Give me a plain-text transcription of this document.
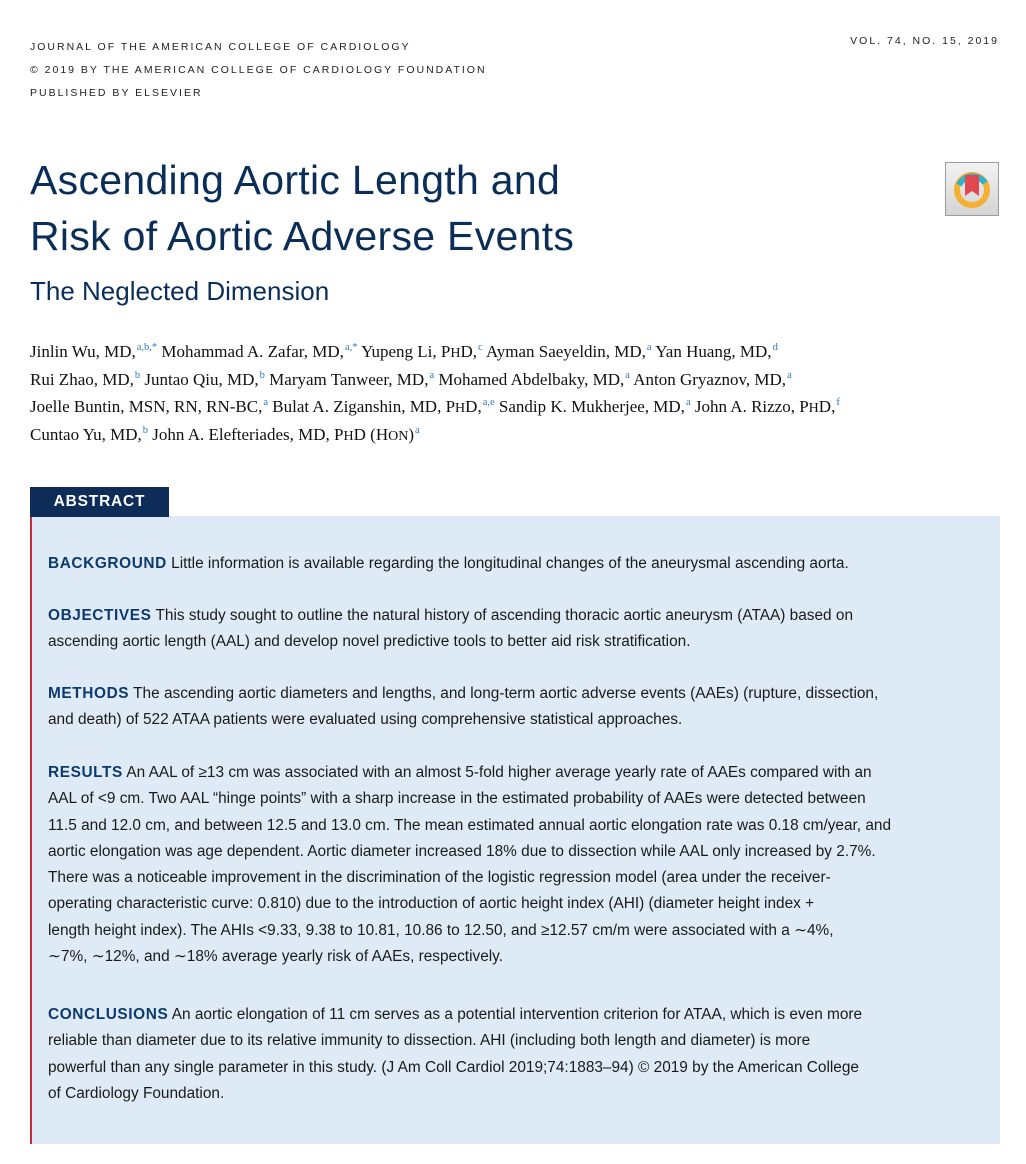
JOURNAL OF THE AMERICAN COLLEGE OF CARDIOLOGY
© 2019 BY THE AMERICAN COLLEGE OF CARDIOLOGY FOUNDATION
PUBLISHED BY ELSEVIER
VOL. 74, NO. 15, 2019
Ascending Aortic Length and
Risk of Aortic Adverse Events
The Neglected Dimension
Jinlin Wu, MD,$^{a,b,*}$ Mohammad A. Zafar, MD,$^{a,*}$ Yupeng Li, PHD,$^c$ Ayman Saeyeldin, MD,$^a$ Yan Huang, MD,$^d$
Rui Zhao, MD,$^b$ Juntao Qiu, MD,$^b$ Maryam Tanweer, MD,$^a$ Mohamed Abdelbaky, MD,$^a$ Anton Gryaznov, MD,$^a$
Joelle Buntin, MSN, RN, RN-BC,$^a$ Bulat A. Ziganshin, MD, PHD,$^{a,e}$ Sandip K. Mukherjee, MD,$^a$ John A. Rizzo, PHD,$^f$
Cuntao Yu, MD,$^b$ John A. Elefteriades, MD, PHD (HON)$^a$
ABSTRACT
BACKGROUND Little information is available regarding the longitudinal changes of the aneurysmal ascending aorta.
OBJECTIVES This study sought to outline the natural history of ascending thoracic aortic aneurysm (ATAA) based on
ascending aortic length (AAL) and develop novel predictive tools to better aid risk stratification.
METHODS The ascending aortic diameters and lengths, and long-term aortic adverse events (AAEs) (rupture, dissection,
and death) of 522 ATAA patients were evaluated using comprehensive statistical approaches.
RESULTS An AAL of ≥13 cm was associated with an almost 5-fold higher average yearly rate of AAEs compared with an
AAL of <9 cm. Two AAL “hinge points” with a sharp increase in the estimated probability of AAEs were detected between
11.5 and 12.0 cm, and between 12.5 and 13.0 cm. The mean estimated annual aortic elongation rate was 0.18 cm/year, and
aortic elongation was age dependent. Aortic diameter increased 18% due to dissection while AAL only increased by 2.7%.
There was a noticeable improvement in the discrimination of the logistic regression model (area under the receiver-
operating characteristic curve: 0.810) due to the introduction of aortic height index (AHI) (diameter height index +
length height index). The AHIs <9.33, 9.38 to 10.81, 10.86 to 12.50, and ≥12.57 cm/m were associated with a ∼4%,
∼7%, ∼12%, and ∼18% average yearly risk of AAEs, respectively.
CONCLUSIONS An aortic elongation of 11 cm serves as a potential intervention criterion for ATAA, which is even more
reliable than diameter due to its relative immunity to dissection. AHI (including both length and diameter) is more
powerful than any single parameter in this study. (J Am Coll Cardiol 2019;74:1883–94) © 2019 by the American College
of Cardiology Foundation.
